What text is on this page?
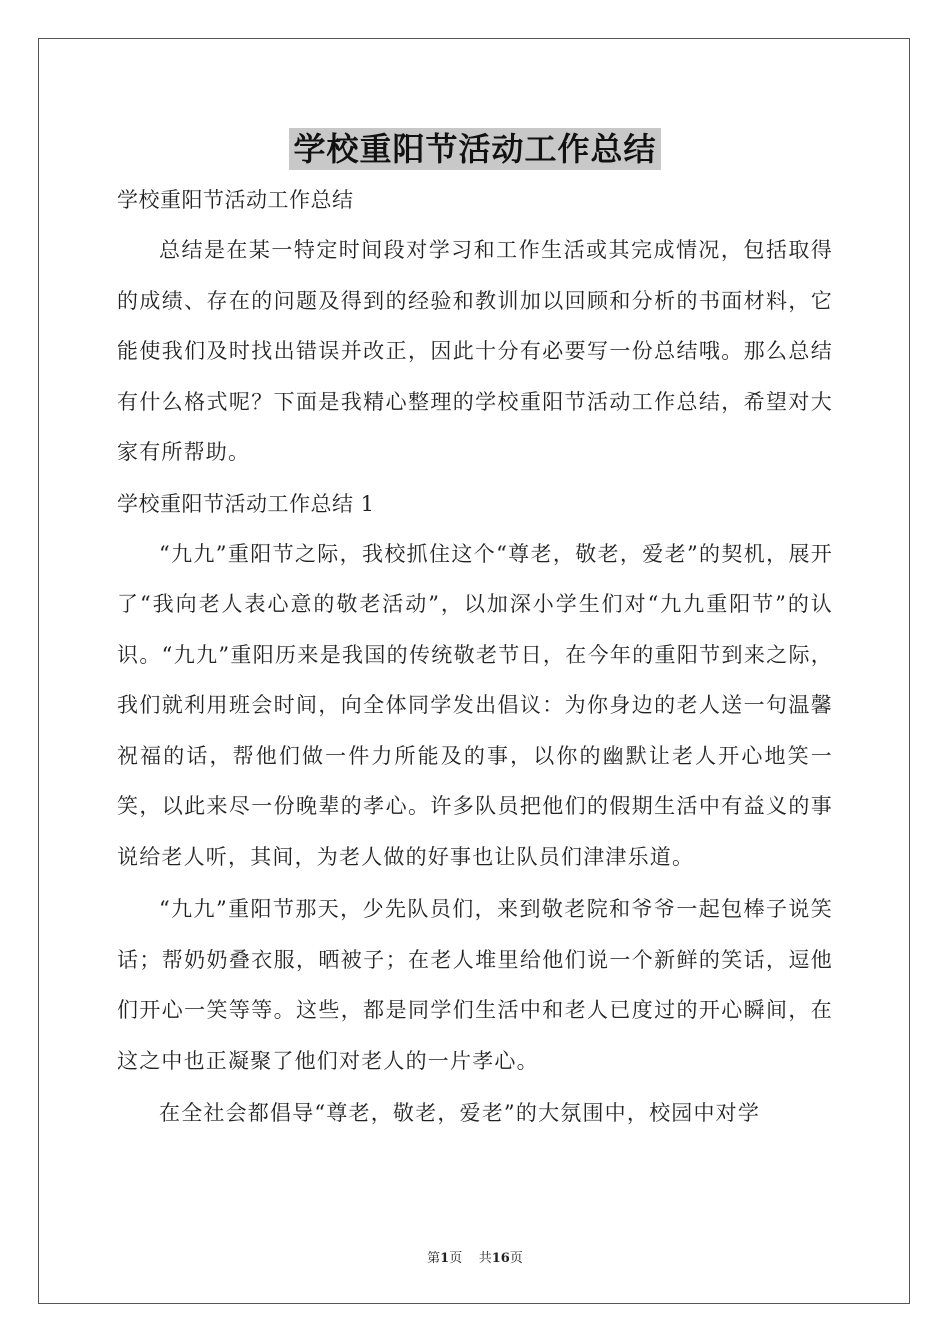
学校重阳节活动工作总结

学校重阳节活动工作总结

总结是在某一特定时间段对学习和工作生活或其完成情况，包括取得的成绩、存在的问题及得到的经验和教训加以回顾和分析的书面材料，它能使我们及时找出错误并改正，因此十分有必要写一份总结哦。那么总结有什么格式呢？下面是我精心整理的学校重阳节活动工作总结，希望对大家有所帮助。

学校重阳节活动工作总结 1

“九九”重阳节之际，我校抓住这个“尊老，敬老，爱老”的契机，展开了“我向老人表心意的敬老活动”，以加深小学生们对“九九重阳节”的认识。“九九”重阳历来是我国的传统敬老节日，在今年的重阳节到来之际，我们就利用班会时间，向全体同学发出倡议：为你身边的老人送一句温馨祝福的话，帮他们做一件力所能及的事，以你的幽默让老人开心地笑一笑，以此来尽一份晚辈的孝心。许多队员把他们的假期生活中有益义的事说给老人听，其间，为老人做的好事也让队员们津津乐道。

“九九”重阳节那天，少先队员们，来到敬老院和爷爷一起包棒子说笑话；帮奶奶叠衣服，晒被子；在老人堆里给他们说一个新鲜的笑话，逗他们开心一笑等等。这些，都是同学们生活中和老人已度过的开心瞬间，在这之中也正凝聚了他们对老人的一片孝心。

在全社会都倡导“尊老，敬老，爱老”的大氛围中，校园中对学

第1页 共16页
